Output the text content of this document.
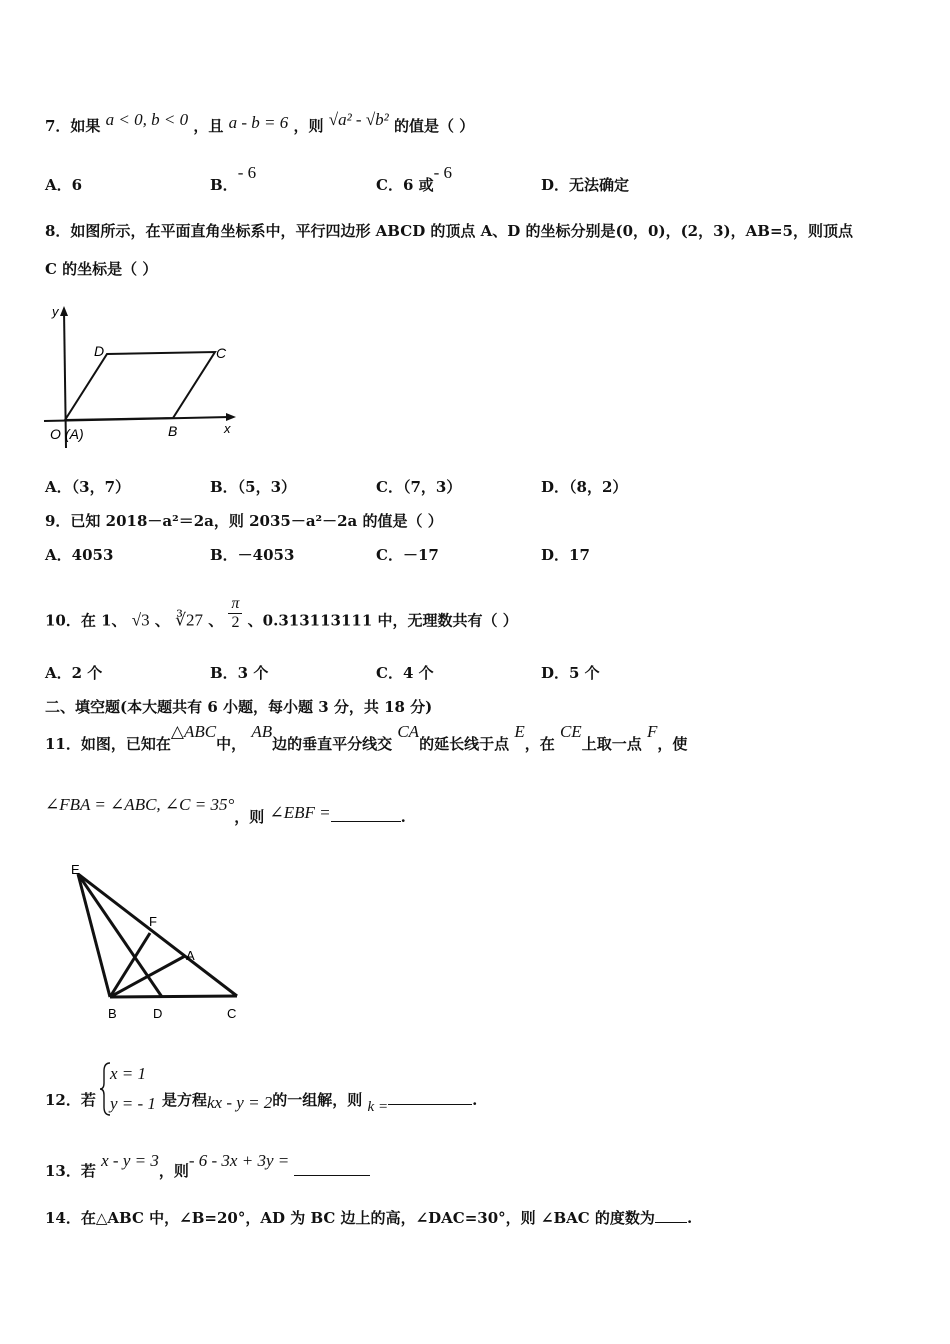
7．如果 a < 0, b < 0 ，且 a - b = 6 ，则 √a² - √b² 的值是（ ）
A．6	B．- 6
C．6 或- 6
D．无法确定
8．如图所示，在平面直角坐标系中，平行四边形 ABCD 的顶点 A、D 的坐标分别是(0，0)，(2，3)，AB=5，则顶点
C 的坐标是（ ）
y
x
D	C
B
O (A)
A．（3，7）	B．（5，3）	C．（7，3）	D．（8，2）
9．已知 2018－a²＝2a，则 2035－a²－2a 的值是（ ）
A．4053	B．－4053	C．－17	D．17
10．在 1、 √3 、 ∛27 、 $\frac{\pi}{2}$ 、0.313113111 中，无理数共有（ ）
A．2 个	B．3 个	C．4 个	D．5 个
二、填空题(本大题共有 6 小题，每小题 3 分，共 18 分)
11．如图，已知在△ABC中， AB边的垂直平分线交 CA的延长线于点 E，在 CE上取一点 F，使
∠FBA = ∠ABC, ∠C = 35°，则 ∠EBF =	.
E
F
A
B	D	C
12．若
x = 1
y = - 1 是方程kx - y = 2的一组解，则 k =	.
13．若 x - y = 3，则- 6 - 3x + 3y =
14．在△ABC 中，∠B=20°，AD 为 BC 边上的高，∠DAC=30°，则 ∠BAC 的度数为 .
